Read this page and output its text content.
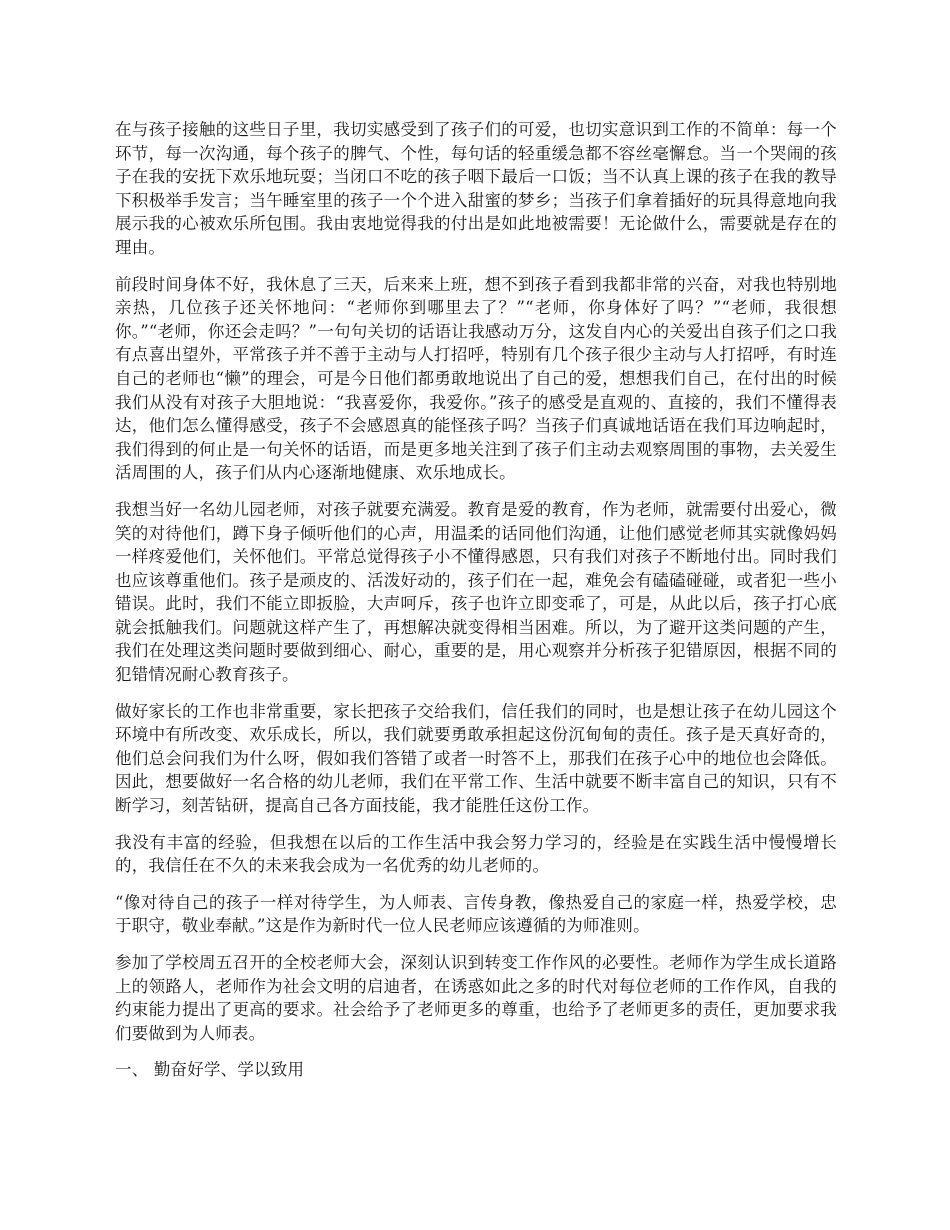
在与孩子接触的这些日子里，我切实感受到了孩子们的可爱，也切实意识到工作的不简单：每一个环节，每一次沟通，每个孩子的脾气、个性，每句话的轻重缓急都不容丝毫懈怠。当一个哭闹的孩子在我的安抚下欢乐地玩耍；当闭口不吃的孩子咽下最后一口饭；当不认真上课的孩子在我的教导下积极举手发言；当午睡室里的孩子一个个进入甜蜜的梦乡；当孩子们拿着插好的玩具得意地向我展示我的心被欢乐所包围。我由衷地觉得我的付出是如此地被需要！无论做什么，需要就是存在的理由。

前段时间身体不好，我休息了三天，后来来上班，想不到孩子看到我都非常的兴奋，对我也特别地亲热，几位孩子还关怀地问：“老师你到哪里去了？”“老师，你身体好了吗？”“老师，我很想你。”“老师，你还会走吗？”一句句关切的话语让我感动万分，这发自内心的关爱出自孩子们之口我有点喜出望外，平常孩子并不善于主动与人打招呼，特别有几个孩子很少主动与人打招呼，有时连自己的老师也“懒”的理会，可是今日他们都勇敢地说出了自己的爱，想想我们自己，在付出的时候我们从没有对孩子大胆地说：“我喜爱你，我爱你。”孩子的感受是直观的、直接的，我们不懂得表达，他们怎么懂得感受，孩子不会感恩真的能怪孩子吗？当孩子们真诚地话语在我们耳边响起时，我们得到的何止是一句关怀的话语，而是更多地关注到了孩子们主动去观察周围的事物，去关爱生活周围的人，孩子们从内心逐渐地健康、欢乐地成长。

我想当好一名幼儿园老师，对孩子就要充满爱。教育是爱的教育，作为老师，就需要付出爱心，微笑的对待他们，蹲下身子倾听他们的心声，用温柔的话同他们沟通，让他们感觉老师其实就像妈妈一样疼爱他们，关怀他们。平常总觉得孩子小不懂得感恩，只有我们对孩子不断地付出。同时我们也应该尊重他们。孩子是顽皮的、活泼好动的，孩子们在一起，难免会有磕磕碰碰，或者犯一些小错误。此时，我们不能立即扳脸，大声呵斥，孩子也许立即变乖了，可是，从此以后，孩子打心底就会抵触我们。问题就这样产生了，再想解决就变得相当困难。所以，为了避开这类问题的产生，我们在处理这类问题时要做到细心、耐心，重要的是，用心观察并分析孩子犯错原因，根据不同的犯错情况耐心教育孩子。

做好家长的工作也非常重要，家长把孩子交给我们，信任我们的同时，也是想让孩子在幼儿园这个环境中有所改变、欢乐成长，所以，我们就要勇敢承担起这份沉甸甸的责任。孩子是天真好奇的，他们总会问我们为什么呀，假如我们答错了或者一时答不上，那我们在孩子心中的地位也会降低。因此，想要做好一名合格的幼儿老师，我们在平常工作、生活中就要不断丰富自己的知识，只有不断学习，刻苦钻研，提高自己各方面技能，我才能胜任这份工作。

我没有丰富的经验，但我想在以后的工作生活中我会努力学习的，经验是在实践生活中慢慢增长的，我信任在不久的未来我会成为一名优秀的幼儿老师的。

“像对待自己的孩子一样对待学生，为人师表、言传身教，像热爱自己的家庭一样，热爱学校，忠于职守，敬业奉献。”这是作为新时代一位人民老师应该遵循的为师准则。

参加了学校周五召开的全校老师大会，深刻认识到转变工作作风的必要性。老师作为学生成长道路上的领路人，老师作为社会文明的启迪者，在诱惑如此之多的时代对每位老师的工作作风，自我的约束能力提出了更高的要求。社会给予了老师更多的尊重，也给予了老师更多的责任，更加要求我们要做到为人师表。

一、 勤奋好学、学以致用
